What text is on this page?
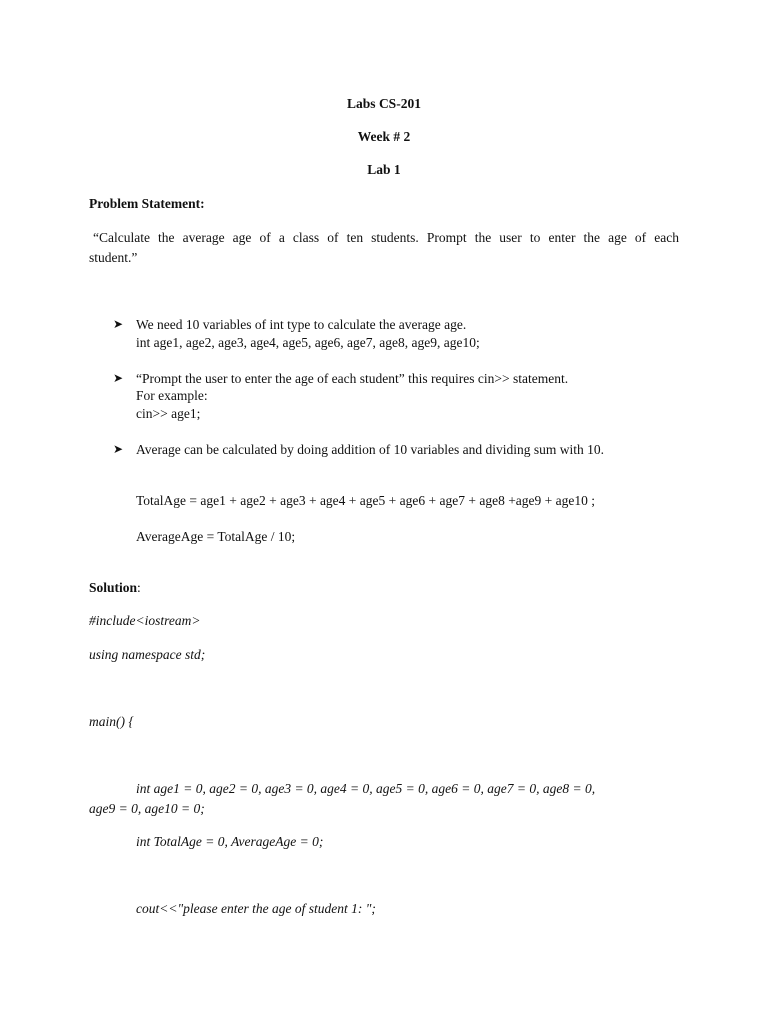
Labs CS-201
Week # 2
Lab 1
Problem Statement:
“Calculate the average age of a class of ten students. Prompt the user to enter the age of each
student.”
➤ We need 10 variables of int type to calculate the average age.
int age1, age2, age3, age4, age5, age6, age7, age8, age9, age10;
➤ “Prompt the user to enter the age of each student” this requires cin>> statement.
For example:
cin>> age1;
➤ Average can be calculated by doing addition of 10 variables and dividing sum with 10.
TotalAge = age1 + age2 + age3 + age4 + age5 + age6 + age7 + age8 +age9 + age10 ;
AverageAge = TotalAge / 10;
Solution:
#include<iostream>
using namespace std;
main() {
int age1 = 0, age2 = 0, age3 = 0, age4 = 0, age5 = 0, age6 = 0, age7 = 0, age8 = 0,
age9 = 0, age10 = 0;
int TotalAge = 0, AverageAge = 0;
cout<<"please enter the age of student 1: ";
